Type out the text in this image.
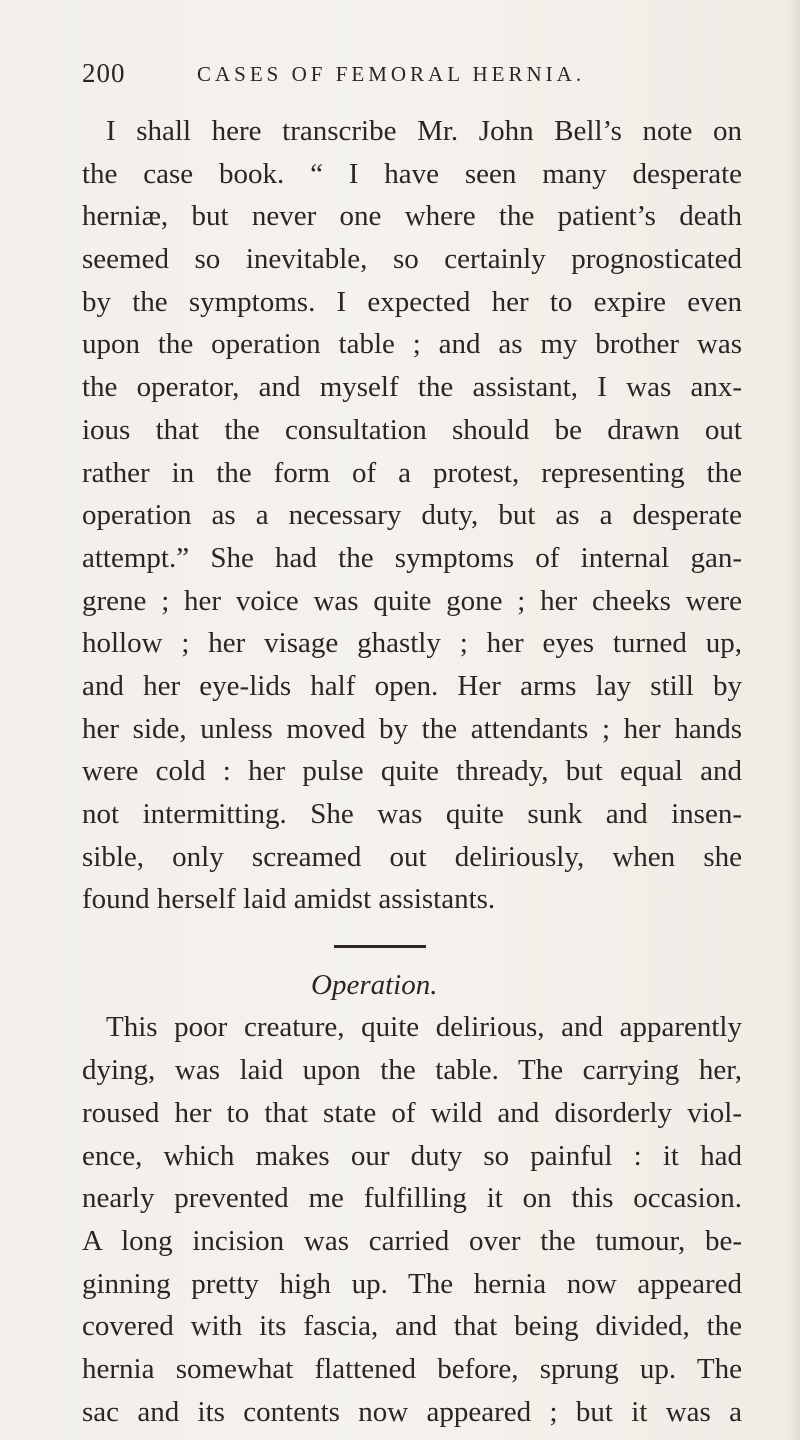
200	CASES OF FEMORAL HERNIA.
I shall here transcribe Mr. John Bell’s note on
the case book. “ I have seen many desperate
herniæ, but never one where the patient’s death
seemed so inevitable, so certainly prognosticated
by the symptoms. I expected her to expire even
upon the operation table ; and as my brother was
the operator, and myself the assistant, I was anx-
ious that the consultation should be drawn out
rather in the form of a protest, representing the
operation as a necessary duty, but as a desperate
attempt.” She had the symptoms of internal gan-
grene ; her voice was quite gone ; her cheeks were
hollow ; her visage ghastly ; her eyes turned up,
and her eye-lids half open. Her arms lay still by
her side, unless moved by the attendants ; her hands
were cold : her pulse quite thready, but equal and
not intermitting. She was quite sunk and insen-
sible, only screamed out deliriously, when she
found herself laid amidst assistants.
Operation.
This poor creature, quite delirious, and apparently
dying, was laid upon the table. The carrying her,
roused her to that state of wild and disorderly viol-
ence, which makes our duty so painful : it had
nearly prevented me fulfilling it on this occasion.
A long incision was carried over the tumour, be-
ginning pretty high up. The hernia now appeared
covered with its fascia, and that being divided, the
hernia somewhat flattened before, sprung up. The
sac and its contents now appeared ; but it was a
